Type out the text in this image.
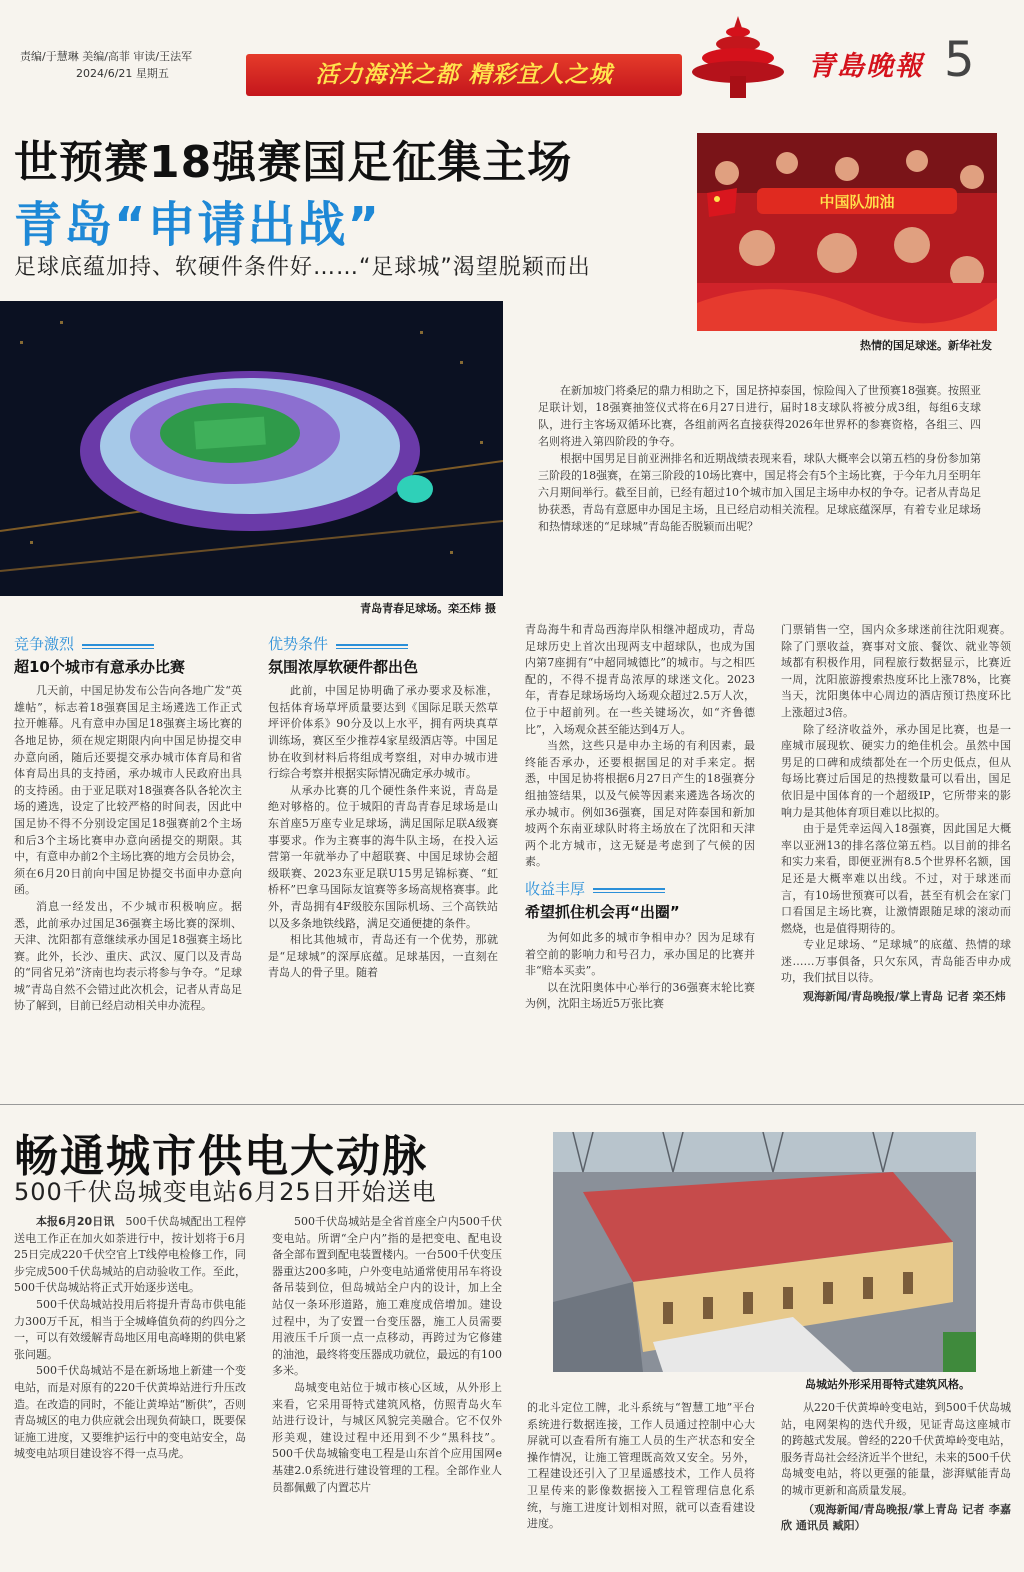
责编/于慧琳 美编/高菲 审读/王法军
2024/6/21 星期五	活力海洋之都 精彩宜人之城	青島晚報 5
世预赛18强赛国足征集主场
青岛“申请出战”
足球底蕴加持、软硬件条件好……“足球城”渴望脱颖而出
中国队加油
热情的国足球迷。新华社发
青岛青春足球场。栾丕炜 摄

在新加坡门将桑尼的鼎力相助之下，国足挤掉泰国，惊险闯入了世预赛18强赛。按照亚足联计划，18强赛抽签仪式将在6月27日进行，届时18支球队将被分成3组，每组6支球队，进行主客场双循环比赛，各组前两名直接获得2026年世界杯的参赛资格，各组三、四名则将进入第四阶段的争夺。

根据中国男足目前亚洲排名和近期战绩表现来看，球队大概率会以第五档的身份参加第三阶段的18强赛，在第三阶段的10场比赛中，国足将会有5个主场比赛，于今年九月至明年六月期间举行。截至目前，已经有超过10个城市加入国足主场申办权的争夺。记者从青岛足协获悉，青岛有意愿申办国足主场，且已经启动相关流程。足球底蕴深厚，有着专业足球场和热情球迷的“足球城”青岛能否脱颖而出呢？

竞争激烈
超10个城市有意承办比赛

几天前，中国足协发布公告向各地广发“英雄帖”，标志着18强赛国足主场遴选工作正式拉开帷幕。凡有意申办国足18强赛主场比赛的各地足协，须在规定期限内向中国足协提交申办意向函，随后还要提交承办城市体育局和省体育局出具的支持函，承办城市人民政府出具的支持函。由于亚足联对18强赛各队各轮次主场的遴选，设定了比较严格的时间表，因此中国足协不得不分别设定国足18强赛前2个主场和后3个主场比赛申办意向函提交的期限。其中，有意申办前2个主场比赛的地方会员协会，须在6月20日前向中国足协提交书面申办意向函。

消息一经发出，不少城市积极响应。据悉，此前承办过国足36强赛主场比赛的深圳、天津、沈阳都有意继续承办国足18强赛主场比赛。此外，长沙、重庆、武汉、厦门以及青岛的“同省兄弟”济南也均表示将参与争夺。“足球城”青岛自然不会错过此次机会，记者从青岛足协了解到，目前已经启动相关申办流程。

优势条件
氛围浓厚软硬件都出色

此前，中国足协明确了承办要求及标准，包括体育场草坪质量要达到《国际足联天然草坪评价体系》90分及以上水平，拥有两块真草训练场，赛区至少推荐4家星级酒店等。中国足协在收到材料后将组成考察组，对申办城市进行综合考察并根据实际情况确定承办城市。

从承办比赛的几个硬性条件来说，青岛是绝对够格的。位于城阳的青岛青春足球场是山东首座5万座专业足球场，满足国际足联A级赛事要求。作为主赛事的海牛队主场，在投入运营第一年就举办了中超联赛、中国足球协会超级联赛、2023东亚足联U15男足锦标赛、“虹桥杯”巴拿马国际友谊赛等多场高规格赛事。此外，青岛拥有4F级胶东国际机场、三个高铁站以及多条地铁线路，满足交通便捷的条件。

相比其他城市，青岛还有一个优势，那就是“足球城”的深厚底蕴。足球基因，一直刻在青岛人的骨子里。随着

青岛海牛和青岛西海岸队相继冲超成功，青岛足球历史上首次出现两支中超球队，也成为国内第7座拥有“中超同城德比”的城市。与之相匹配的，不得不提青岛浓厚的球迷文化。2023年，青春足球场场均入场观众超过2.5万人次，位于中超前列。在一些关键场次，如“齐鲁德比”，入场观众甚至能达到4万人。

当然，这些只是申办主场的有利因素，最终能否承办，还要根据国足的对手来定。据悉，中国足协将根据6月27日产生的18强赛分组抽签结果，以及气候等因素来遴选各场次的承办城市。例如36强赛，国足对阵泰国和新加坡两个东南亚球队时将主场放在了沈阳和天津两个北方城市，这无疑是考虑到了气候的因素。

收益丰厚
希望抓住机会再“出圈”

为何如此多的城市争相申办？因为足球有着空前的影响力和号召力，承办国足的比赛并非“赔本买卖”。

以在沈阳奥体中心举行的36强赛末轮比赛为例，沈阳主场近5万张比赛

门票销售一空，国内众多球迷前往沈阳观赛。除了门票收益，赛事对文旅、餐饮、就业等领域都有积极作用，同程旅行数据显示，比赛近一周，沈阳旅游搜索热度环比上涨78%，比赛当天，沈阳奥体中心周边的酒店预订热度环比上涨超过3倍。

除了经济收益外，承办国足比赛，也是一座城市展现软、硬实力的绝佳机会。虽然中国男足的口碑和成绩都处在一个历史低点，但从每场比赛过后国足的热搜数量可以看出，国足依旧是中国体育的一个超级IP，它所带来的影响力是其他体育项目难以比拟的。

由于是凭幸运闯入18强赛，因此国足大概率以亚洲13的排名落位第五档。以目前的排名和实力来看，即便亚洲有8.5个世界杯名额，国足还是大概率难以出线。不过，对于球迷而言，有10场世预赛可以看，甚至有机会在家门口看国足主场比赛，让激情跟随足球的滚动而燃烧，也是值得期待的。

专业足球场、“足球城”的底蕴、热情的球迷……万事俱备，只欠东风，青岛能否申办成功，我们拭目以待。

观海新闻/青岛晚报/掌上青岛 记者 栾丕炜
畅通城市供电大动脉
500千伏岛城变电站6月25日开始送电
岛城站外形采用哥特式建筑风格。

本报6月20日讯　 500千伏岛城配出工程停送电工作正在加火如荼进行中，按计划将于6月25日完成220千伏空官上T线停电检修工作，同步完成500千伏岛城站的启动验收工作。至此，500千伏岛城站将正式开始逐步送电。

500千伏岛城站投用后将提升青岛市供电能力300万千瓦，相当于全城峰值负荷的约四分之一，可以有效缓解青岛地区用电高峰期的供电紧张问题。

500千伏岛城站不是在新场地上新建一个变电站，而是对原有的220千伏黄埠站进行升压改造。在改造的同时，不能让黄埠站“断供”，否则青岛城区的电力供应就会出现负荷缺口，既要保证施工进度，又要维护运行中的变电站安全，岛城变电站项目建设容不得一点马虎。

500千伏岛城站是全省首座全户内500千伏变电站。所谓“全户内”指的是把变电、配电设备全部布置到配电装置楼内。一台500千伏变压器重达200多吨，户外变电站通常使用吊车将设备吊装到位，但岛城站全户内的设计，加上全站仅一条环形道路，施工难度成倍增加。建设过程中，为了安置一台变压器，施工人员需要用液压千斤顶一点一点移动，再跨过为它修建的油池，最终将变压器成功就位，最远的有100多米。

岛城变电站位于城市核心区域，从外形上来看，它采用哥特式建筑风格，仿照青岛火车站进行设计，与城区风貌完美融合。它不仅外形美观，建设过程中还用到不少“黑科技”。500千伏岛城输变电工程是山东首个应用国网e基建2.0系统进行建设管理的工程。全部作业人员都佩戴了内置芯片

的北斗定位工牌，北斗系统与“智慧工地”平台系统进行数据连接，工作人员通过控制中心大屏就可以查看所有施工人员的生产状态和安全操作情况，让施工管理既高效又安全。另外，工程建设还引入了卫星遥感技术，工作人员将卫星传来的影像数据接入工程管理信息化系统，与施工进度计划相对照，就可以查看建设进度。

从220千伏黄埠岭变电站，到500千伏岛城站，电网架构的迭代升级，见证青岛这座城市的跨越式发展。曾经的220千伏黄埠岭变电站，服务青岛社会经济近半个世纪，未来的500千伏岛城变电站，将以更强的能量，澎湃赋能青岛的城市更新和高质量发展。

（观海新闻/青岛晚报/掌上青岛 记者 李嘉欣 通讯员 臧阳）
